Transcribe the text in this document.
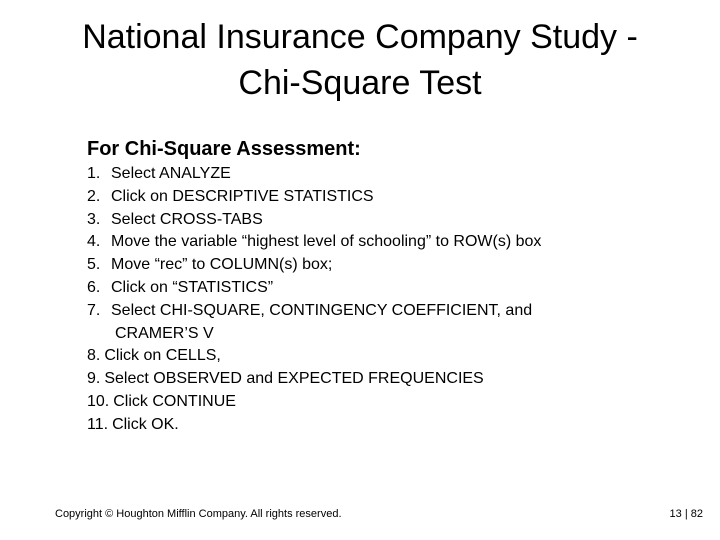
National Insurance Company Study -
Chi-Square Test
For Chi-Square Assessment:
1. Select ANALYZE
2. Click on DESCRIPTIVE STATISTICS
3. Select CROSS-TABS
4. Move the variable “highest level of schooling” to ROW(s) box
5. Move “rec” to COLUMN(s) box;
6. Click on “STATISTICS”
7. Select CHI-SQUARE, CONTINGENCY COEFFICIENT, and
CRAMER’S V
8. Click on CELLS,
9. Select OBSERVED and EXPECTED FREQUENCIES
10. Click CONTINUE
11. Click OK.
Copyright © Houghton Mifflin Company. All rights reserved.	13 | 82
